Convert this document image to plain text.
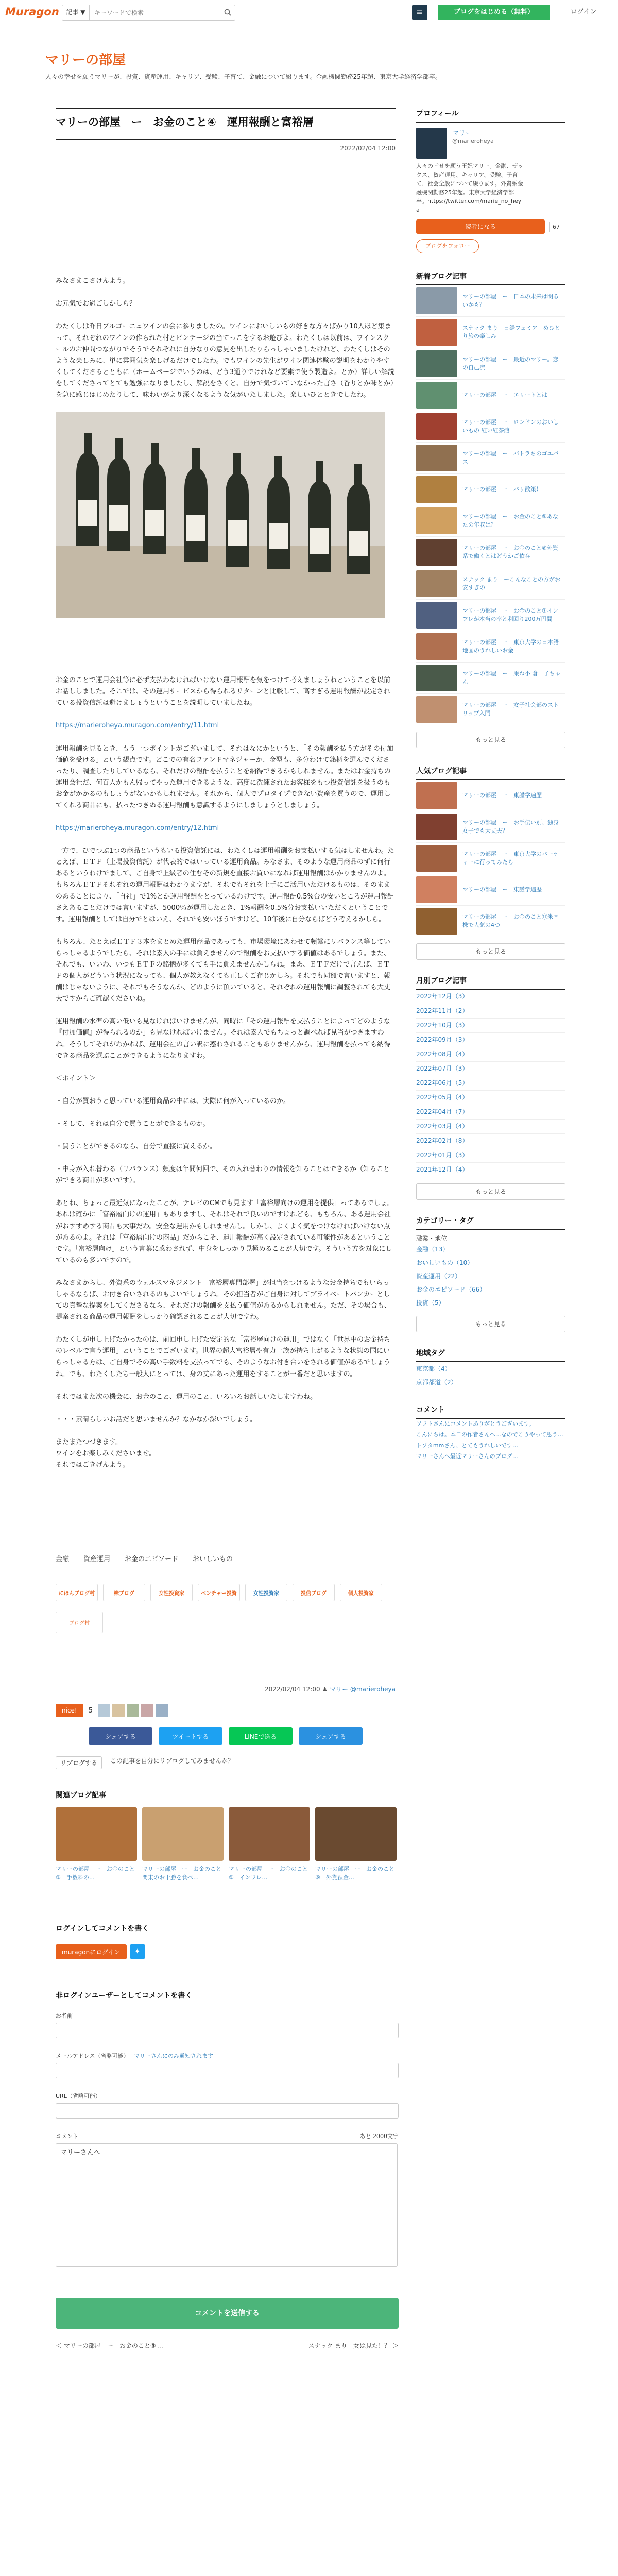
Muragon	記事 ▼
キーワードで検索	≡	ブログをはじめる（無料）	ログイン
マリーの部屋
人々の幸せを願うマリーが、投資、資産運用、キャリア、受験、子育て、金融について綴ります。金融機関勤務25年超、東京大学経済学部卒。
マリーの部屋　ー　お金のこと④　運用報酬と富裕層
2022/02/04 12:00
みなさまこさけんよう。
お元気でお過ごしかしら？
わたくしは昨日ブルゴーニュワインの会に参りましたの。ワインにおいしいもの好きな方々ばかり10人ほど集まって、それぞれのワインの作られた村とビンテージの当てっこをするお遊びよ。わたくしは以前は、ワインスクールのお仲間つながりでそうでそれぞれに自分なりの意見を出したりらっしゃいましたけれど、わたくしはそのような楽しみに、単に雰囲気を楽しげるだけでしたわ。でもワインの先生がワイン関連体験の説明をわかりやすくしてくださるとともに（ホームページでいうのは、どう3通りでけれなど要素で使う製造よ。とか）詳しい解説をしてくださってとても勉強になりましたし、解説をさくと、自分で気づいていなかった言さ（香りとか味とか）を急に感じはじめたりして、味わいがより深くなるような気がいたしました。楽しいひとときでしたわ。
お金のことで運用会社等に必ず支払わなければいけない運用報酬を気をつけて考えましょうねということを以前お話ししました。そこでは、その運用サービスから得られるリターンと比較して、高すぎる運用報酬が設定されている投資信託は避けましょうということを説明していましたね。
https://marieroheya.muragon.com/entry/11.html
運用報酬を見るとき、もう一つポイントがございまして、それはなにかというと、「その報酬を払う方がその付加価値を受ける」という観点です。どこでの有名ファンドマネジャーか、金型も、多分わけて銘柄を選んでくださったり、調査したりしているなら、それだけの報酬を払うことを納得できるかもしれません。またはお金持ちの運用会社だ、何百人かもん帰ってやった運用できるような、高度に洗練されたお客様をもつ投資信託を扱うのもお金がかかるのもしょうがないかもしれません。それから、個人でプロタイプできない資産を買うので、運用してくれる商品にも、払ったつきぬる運用報酬も意識するようにしましょうとしましょう。
https://marieroheya.muragon.com/entry/12.html
一方で、ひでつぶ1つの商品というもいる投資信託には、わたくしは運用報酬をお支払いする気はしませんわ。たとえば、ＥＴＦ（上場投資信託）が代表的ではいっている運用商品。みなさま、そのような運用商品のずに何行あるというわけでまして、ご自身で上級者の住むその新規を直接お買いになれば運用報酬はかかりませんのよ。もちろんＥＴＦそれぞれの運用報酬はわかりますが、それでもそれを上手にご活用いただけるものは、そのままのあることにより、「自社」で1%とか運用報酬をとっているわけです。運用報酬0.5%台の安いところが運用報酬さえあることだけでは言いますが、5000％が運用したとき、1%報酬を0.5%分お支払いいただくということです。運用報酬としては自分でとはいえ、それでも安いほうですけど、10年後に自分ならばどう考えるかしら。
もちろん、たとえばＥＴＦ３本をまとめた運用商品であっても、市場環境にあわせて頻繁にリバランス等していらっしゃるようでしたら、それは素人の手には負えませんので報酬をお支払いする価値はあるでしょう。また、それでも、いいわ、いつもＥＴＦの銘柄が多くても手に負えませんかしらね。まあ、ＥＴＦだけで言えば、ＥＴＦの個人がどういう状況になっても、個人が教えなくても正しくご存じかしら。それでも同額で言いますと、報酬はじゃないように、それでもそうなんか、どのように頂いていると、それぞれの運用報酬に調整されても大丈夫ですからご確認くださいね。
運用報酬の水準の高い低いも見なければいけませんが、同時に「その運用報酬を支払うことによってどのような『付加価値』が得られるのか」も見なければいけません。それは素人でもちょっと調べれば見当がつきますわね。そうしてそれがわかれば、運用会社の言い訳に惑わされることもありませんから、運用報酬を払っても納得できる商品を選ぶことができるようになりますわ。
＜ポイント＞
・自分が買おうと思っている運用商品の中には、実際に何が入っているのか。
・そして、それは自分で買うことができるものか。
・買うことができるのなら、自分で直接に買えるか。
・中身が入れ替わる（リバランス）頻度は年間何回で、その入れ替わりの情報を知ることはできるか（知ることができる商品が多いです）。
あとね、ちょっと最近気になったことが、テレビのCMでも見ます「富裕層向けの運用を提供」ってあるでしょ。あれは確かに「富裕層向けの運用」もありますし、それはそれで良いのですけれども、もちろん、ある運用会社がおすすめする商品も大事だわ。安全な運用かもしれませんし。しかし、よくよく気をつけなければいけない点があるのよ。それは「富裕層向けの商品」だからこそ、運用報酬が高く設定されている可能性があるということです。「富裕層向け」という言葉に惑わされず、中身をしっかり見極めることが大切です。そういう方を対象にしているのも多いですので。
みなさまからし、外資系のウェルスマネジメント「富裕層専門部署」が担当をつけるようなお金持ちでもいらっしゃるならば、お付き合いされるのもよいでしょうね。その担当者がご自身に対してプライベートバンカーとしての真摯な提案をしてくださるなら、それだけの報酬を支払う価値があるかもしれません。ただ、その場合も、提案される商品の運用報酬をしっかり確認されることが大切ですわ。
わたくしが申し上げたかったのは、前回申し上げた安定的な「富裕層向けの運用」ではなく「世界中のお金持ちのレベルで言う運用」ということでございます。世界の超大富裕層や有力一族が持ち上がるような状態の国にいらっしゃる方は、ご自身でその高い手数料を支払ってでも、そのようなお付き合いをされる価値があるでしょうね。でも、わたくしたち一般人にとっては、身の丈にあった運用をすることが一番だと思いますの。
それではまた次の機会に、お金のこと、運用のこと、いろいろお話しいたしますわね。
・・・素晴らしいお話だと思いませんか？なかなか深いでしょう。
またまたつづきます。
ワインをお楽しみくださいませ。
それではごきげんよう。
金融 資産運用 お金のエピソード おいしいもの
にほんブログ村	株ブログ	女性投資家	ベンチャー投資	女性投資家	投信ブログ	個人投資家
ブログ村
2022/02/04 12:00 ♟ マリー @marieroheya
nice!	5
シェアする	ツイートする	LINEで送る	シェアする
リブログする	この記事を自分にリブログしてみませんか？
関連ブログ記事
マリーの部屋　ー　お金のこと③　手数料の…
マリーの部屋　ー　お金のこと　関東のお十勝を食べ…
マリーの部屋　ー　お金のこと⑤　インフレ…
マリーの部屋　ー　お金のこと⑥　外貨預金…
ログインしてコメントを書く
muragonにログイン	✦
非ログインユーザーとしてコメントを書く
お名前
メールアドレス（省略可能） マリーさんにのみ通知されます
URL（省略可能）
コメント	あと 2000文字
マリーさんへ
コメントを送信する
＜ マリーの部屋　ー　お金のこと③ …	スナック まり　女は見た！？ ＞
プロフィール
マリー
@marieroheya
人々の幸せを願う王妃マリー。金融、ザックス、資産運用、キャリア、受験、子育て、社会全般について綴ります。外資系金融機関勤務25年超。東京大学経済学部卒。https://twitter.com/marie_no_heya
読者になる	67
ブログをフォロー
新着ブログ記事
マリーの部屋　ー　日本の未来は明るいかも？
スナック まり　日経フェミア　めひとり旅の楽しみ
マリーの部屋　ー　最近のマリー。恋の自己流
マリーの部屋　ー　エリートとは
マリーの部屋　ー　ロンドンのおいしいもの 紅い紅茶館
マリーの部屋　ー　バトラちのゴエバス
マリーの部屋　ー　パリ散策！
マリーの部屋　ー　お金のこと⑨あなたの年収は？
マリーの部屋　ー　お金のこと⑧外資系で働くとはどうかご依存
スナック まり　ーこんなことの方がお安すぎの
マリーの部屋　ー　お金のこと⑦インフレが本当の率と利回り200万円間
マリーの部屋　ー　東京大学の日本語地図のうれしいお金
マリーの部屋　ー　乗ね小 倉　子ちゃん
マリーの部屋　ー　女子社会部のストリップ入門
もっと見る
人気ブログ記事
マリーの部屋　ー　東讃学遍歴
マリーの部屋　ー　お手伝い別、独身女子でも大丈夫？
マリーの部屋　ー　東京大学のパーティーに行ってみたら
マリーの部屋　ー　東讃学遍歴
マリーの部屋　ー　お金のこと⑪米国株で人気の4つ
もっと見る
月別ブログ記事
2022年12月（3）
2022年11月（2）
2022年10月（3）
2022年09月（3）
2022年08月（4）
2022年07月（3）
2022年06月（5）
2022年05月（4）
2022年04月（7）
2022年03月（4）
2022年02月（8）
2022年01月（3）
2021年12月（4）
もっと見る
カテゴリー・タグ
職業・地位
金融（13）
おいしいもの（10）
資産運用（22）
お金のエピソード（66）
投資（5）
もっと見る
地域タグ
東京都（4）
京都都道（2）
コメント
ソフトさんにコメントありがとうございます。
こんにちは。本日の作者さんへ…なのでこうやって思う…
トソタmmさん、とてもうれしいです…
マリーさんへ最近マリーさんのブログ…
